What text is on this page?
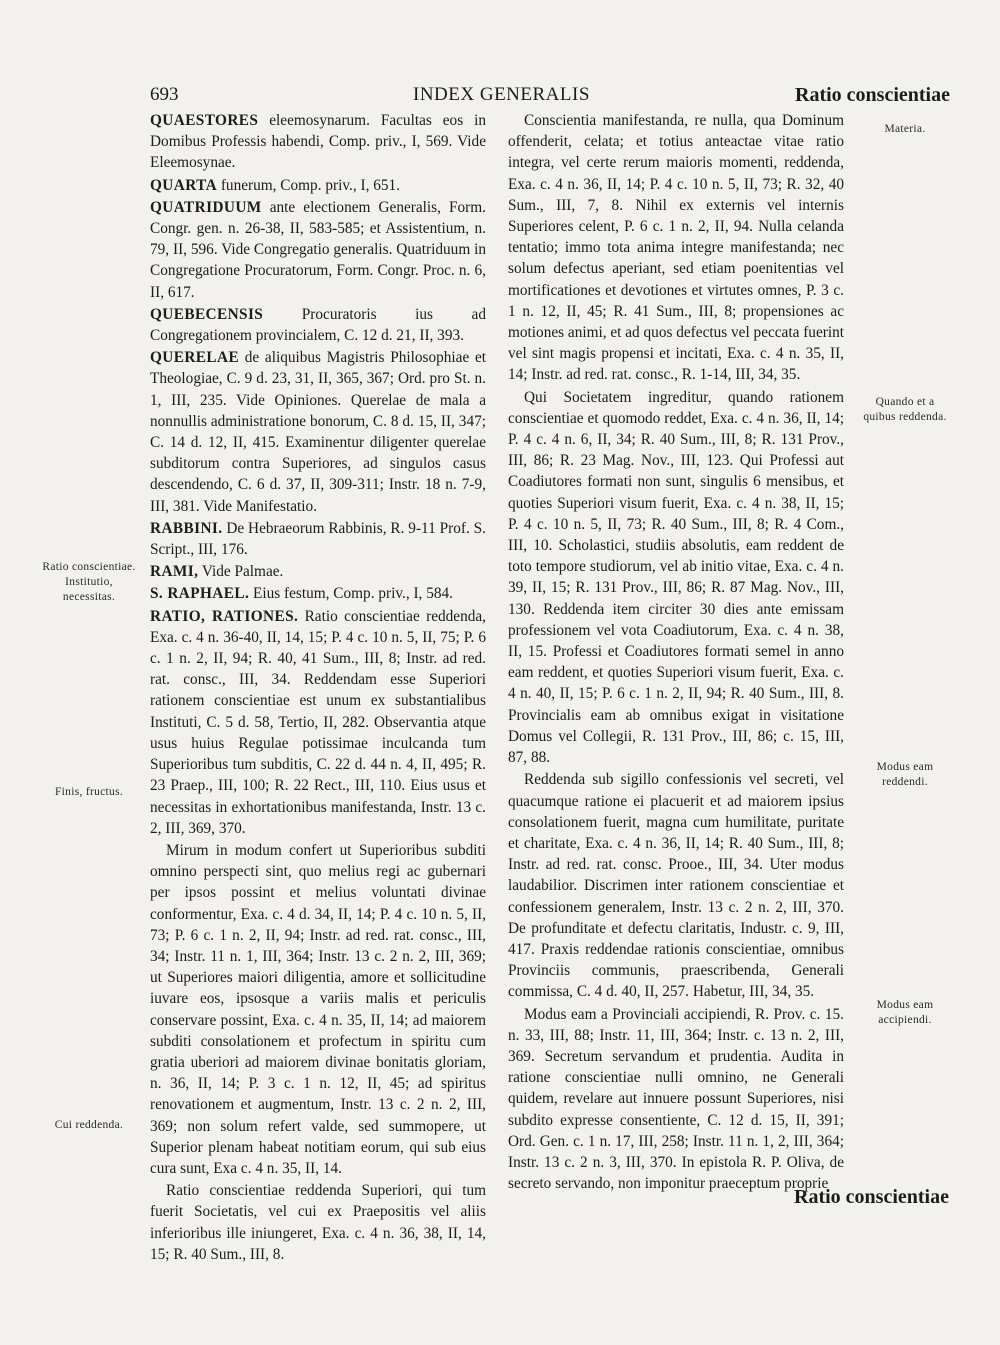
693	INDEX GENERALIS	Ratio conscientiae

QUAESTORES eleemosynarum. Facultas eos in Domibus Professis habendi, Comp. priv., I, 569. Vide Eleemosynae.

QUARTA funerum, Comp. priv., I, 651.

QUATRIDUUM ante electionem Generalis, Form. Congr. gen. n. 26-38, II, 583-585; et Assistentium, n. 79, II, 596. Vide Congregatio generalis. Quatriduum in Congregatione Procuratorum, Form. Congr. Proc. n. 6, II, 617.

QUEBECENSIS Procuratoris ius ad Congregationem provincialem, C. 12 d. 21, II, 393.

QUERELAE de aliquibus Magistris Philosophiae et Theologiae, C. 9 d. 23, 31, II, 365, 367; Ord. pro St. n. 1, III, 235. Vide Opiniones. Querelae de mala a nonnullis administratione bonorum, C. 8 d. 15, II, 347; C. 14 d. 12, II, 415. Examinentur diligenter querelae subditorum contra Superiores, ad singulos casus descendendo, C. 6 d. 37, II, 309-311; Instr. 18 n. 7-9, III, 381. Vide Manifestatio.

RABBINI. De Hebraeorum Rabbinis, R. 9-11 Prof. S. Script., III, 176.

RAMI, Vide Palmae.

S. RAPHAEL. Eius festum, Comp. priv., I, 584.

RATIO, RATIONES. Ratio conscientiae reddenda, Exa. c. 4 n. 36-40, II, 14, 15; P. 4 c. 10 n. 5, II, 75; P. 6 c. 1 n. 2, II, 94; R. 40, 41 Sum., III, 8; Instr. ad red. rat. consc., III, 34. Reddendam esse Superiori rationem conscientiae est unum ex substantialibus Instituti, C. 5 d. 58, Tertio, II, 282. Observantia atque usus huius Regulae potissimae inculcanda tum Superioribus tum subditis, C. 22 d. 44 n. 4, II, 495; R. 23 Praep., III, 100; R. 22 Rect., III, 110. Eius usus et necessitas in exhortationibus manifestanda, Instr. 13 c. 2, III, 369, 370.

Mirum in modum confert ut Superioribus subditi omnino perspecti sint, quo melius regi ac gubernari per ipsos possint et melius voluntati divinae conformentur, Exa. c. 4 d. 34, II, 14; P. 4 c. 10 n. 5, II, 73; P. 6 c. 1 n. 2, II, 94; Instr. ad red. rat. consc., III, 34; Instr. 11 n. 1, III, 364; Instr. 13 c. 2 n. 2, III, 369; ut Superiores maiori diligentia, amore et sollicitudine iuvare eos, ipsosque a variis malis et periculis conservare possint, Exa. c. 4 n. 35, II, 14; ad maiorem subditi consolationem et profectum in spiritu cum gratia uberiori ad maiorem divinae bonitatis gloriam, n. 36, II, 14; P. 3 c. 1 n. 12, II, 45; ad spiritus renovationem et augmentum, Instr. 13 c. 2 n. 2, III, 369; non solum refert valde, sed summopere, ut Superior plenam habeat notitiam eorum, qui sub eius cura sunt, Exa c. 4 n. 35, II, 14.

Ratio conscientiae reddenda Superiori, qui tum fuerit Societatis, vel cui ex Praepositis vel aliis inferioribus ille iniungeret, Exa. c. 4 n. 36, 38, II, 14, 15; R. 40 Sum., III, 8.

Conscientia manifestanda, re nulla, qua Dominum offenderit, celata; et totius anteactae vitae ratio integra, vel certe rerum maioris momenti, reddenda, Exa. c. 4 n. 36, II, 14; P. 4 c. 10 n. 5, II, 73; R. 32, 40 Sum., III, 7, 8. Nihil ex externis vel internis Superiores celent, P. 6 c. 1 n. 2, II, 94. Nulla celanda tentatio; immo tota anima integre manifestanda; nec solum defectus aperiant, sed etiam poenitentias vel mortificationes et devotiones et virtutes omnes, P. 3 c. 1 n. 12, II, 45; R. 41 Sum., III, 8; propensiones ac motiones animi, et ad quos defectus vel peccata fuerint vel sint magis propensi et incitati, Exa. c. 4 n. 35, II, 14; Instr. ad red. rat. consc., R. 1-14, III, 34, 35.

Qui Societatem ingreditur, quando rationem conscientiae et quomodo reddet, Exa. c. 4 n. 36, II, 14; P. 4 c. 4 n. 6, II, 34; R. 40 Sum., III, 8; R. 131 Prov., III, 86; R. 23 Mag. Nov., III, 123. Qui Professi aut Coadiutores formati non sunt, singulis 6 mensibus, et quoties Superiori visum fuerit, Exa. c. 4 n. 38, II, 15; P. 4 c. 10 n. 5, II, 73; R. 40 Sum., III, 8; R. 4 Com., III, 10. Scholastici, studiis absolutis, eam reddent de toto tempore studiorum, vel ab initio vitae, Exa. c. 4 n. 39, II, 15; R. 131 Prov., III, 86; R. 87 Mag. Nov., III, 130. Reddenda item circiter 30 dies ante emissam professionem vel vota Coadiutorum, Exa. c. 4 n. 38, II, 15. Professi et Coadiutores formati semel in anno eam reddent, et quoties Superiori visum fuerit, Exa. c. 4 n. 40, II, 15; P. 6 c. 1 n. 2, II, 94; R. 40 Sum., III, 8. Provincialis eam ab omnibus exigat in visitatione Domus vel Collegii, R. 131 Prov., III, 86; c. 15, III, 87, 88.

Reddenda sub sigillo confessionis vel secreti, vel quacumque ratione ei placuerit et ad maiorem ipsius consolationem fuerit, magna cum humilitate, puritate et charitate, Exa. c. 4 n. 36, II, 14; R. 40 Sum., III, 8; Instr. ad red. rat. consc. Prooe., III, 34. Uter modus laudabilior. Discrimen inter rationem conscientiae et confessionem generalem, Instr. 13 c. 2 n. 2, III, 370. De profunditate et defectu claritatis, Industr. c. 9, III, 417. Praxis reddendae rationis conscientiae, omnibus Provinciis communis, praescribenda, Generali commissa, C. 4 d. 40, II, 257. Habetur, III, 34, 35.

Modus eam a Provinciali accipiendi, R. Prov. c. 15. n. 33, III, 88; Instr. 11, III, 364; Instr. c. 13 n. 2, III, 369. Secretum servandum et prudentia. Audita in ratione conscientiae nulli omnino, ne Generali quidem, revelare aut innuere possunt Superiores, nisi subdito expresse consentiente, C. 12 d. 15, II, 391; Ord. Gen. c. 1 n. 17, III, 258; Instr. 11 n. 1, 2, III, 364; Instr. 13 c. 2 n. 3, III, 370. In epistola R. P. Oliva, de secreto servando, non imponitur praeceptum proprie

Ratio conscientiae. Institutio, necessitas.
Finis, fructus.
Cui reddenda.
Materia.
Quando et a quibus reddenda.
Modus eam reddendi.
Modus eam accipiendi.
Ratio conscientiae
